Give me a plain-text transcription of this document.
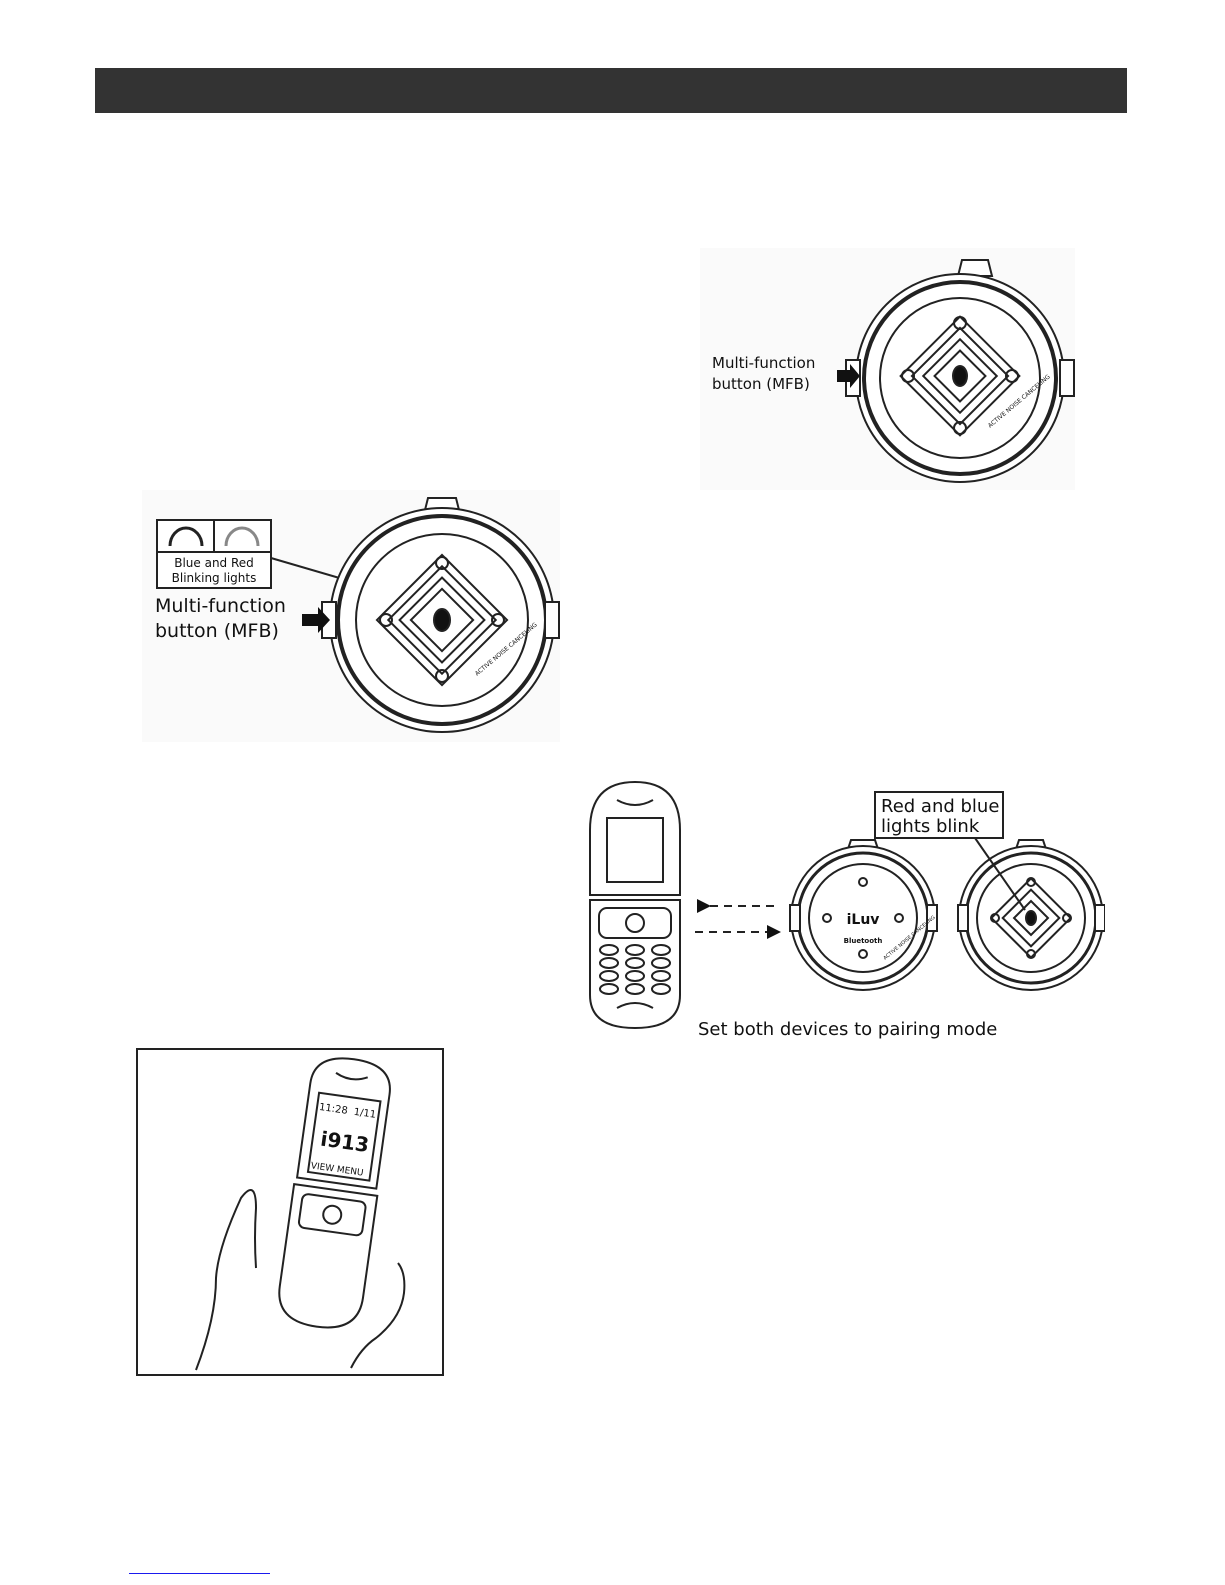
Multi-function
button (MFB)	ACTIVE NOISE CANCELING
Blue and Red
Blinking lights
Multi-function
button (MFB)	ACTIVE NOISE CANCELING
iLuv
Bluetooth
Red and blue
lights blink
Set both devices to pairing mode
ACTIVE NOISE CANCELING
11:28 1/11
i913
VIEW MENU
